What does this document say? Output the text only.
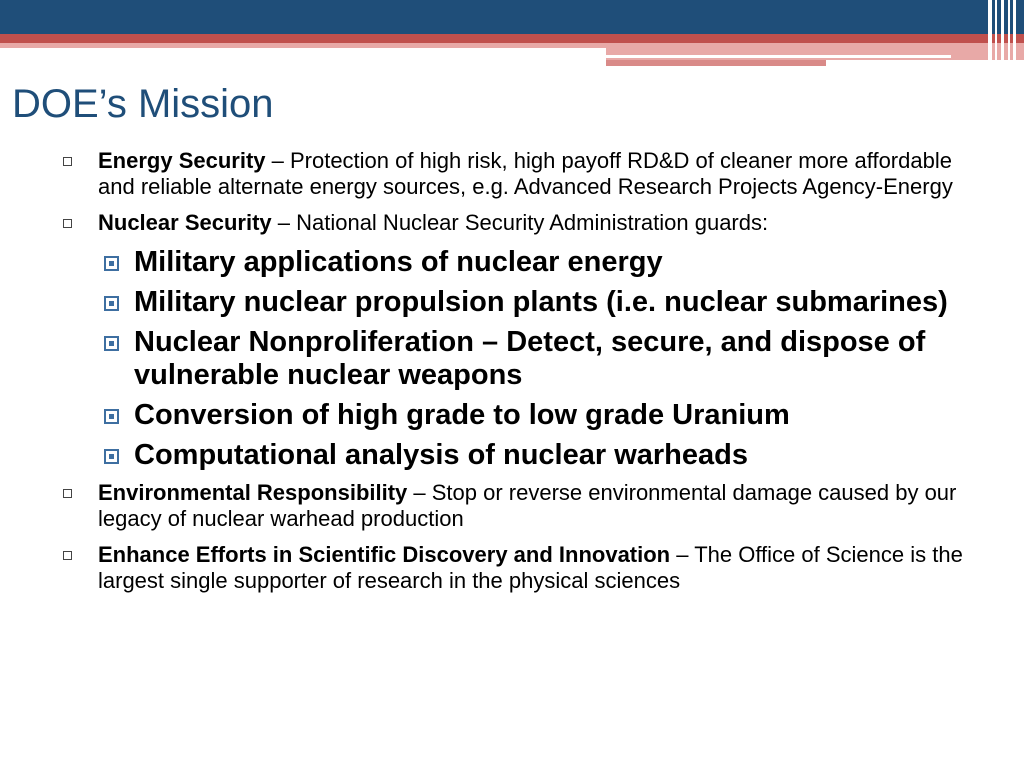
DOE’s Mission
Energy Security – Protection of high risk, high payoff RD&D of cleaner more affordable and reliable alternate energy sources, e.g. Advanced Research Projects Agency-Energy
Nuclear Security – National Nuclear Security Administration guards:
Military applications of nuclear energy
Military nuclear propulsion plants (i.e. nuclear submarines)
Nuclear Nonproliferation – Detect, secure, and dispose of vulnerable nuclear weapons
Conversion of high grade to low grade Uranium
Computational analysis of nuclear warheads
Environmental Responsibility – Stop or reverse environmental damage caused by our legacy of nuclear warhead production
Enhance Efforts in Scientific Discovery and Innovation – The Office of Science is the largest single supporter of research in the physical sciences
